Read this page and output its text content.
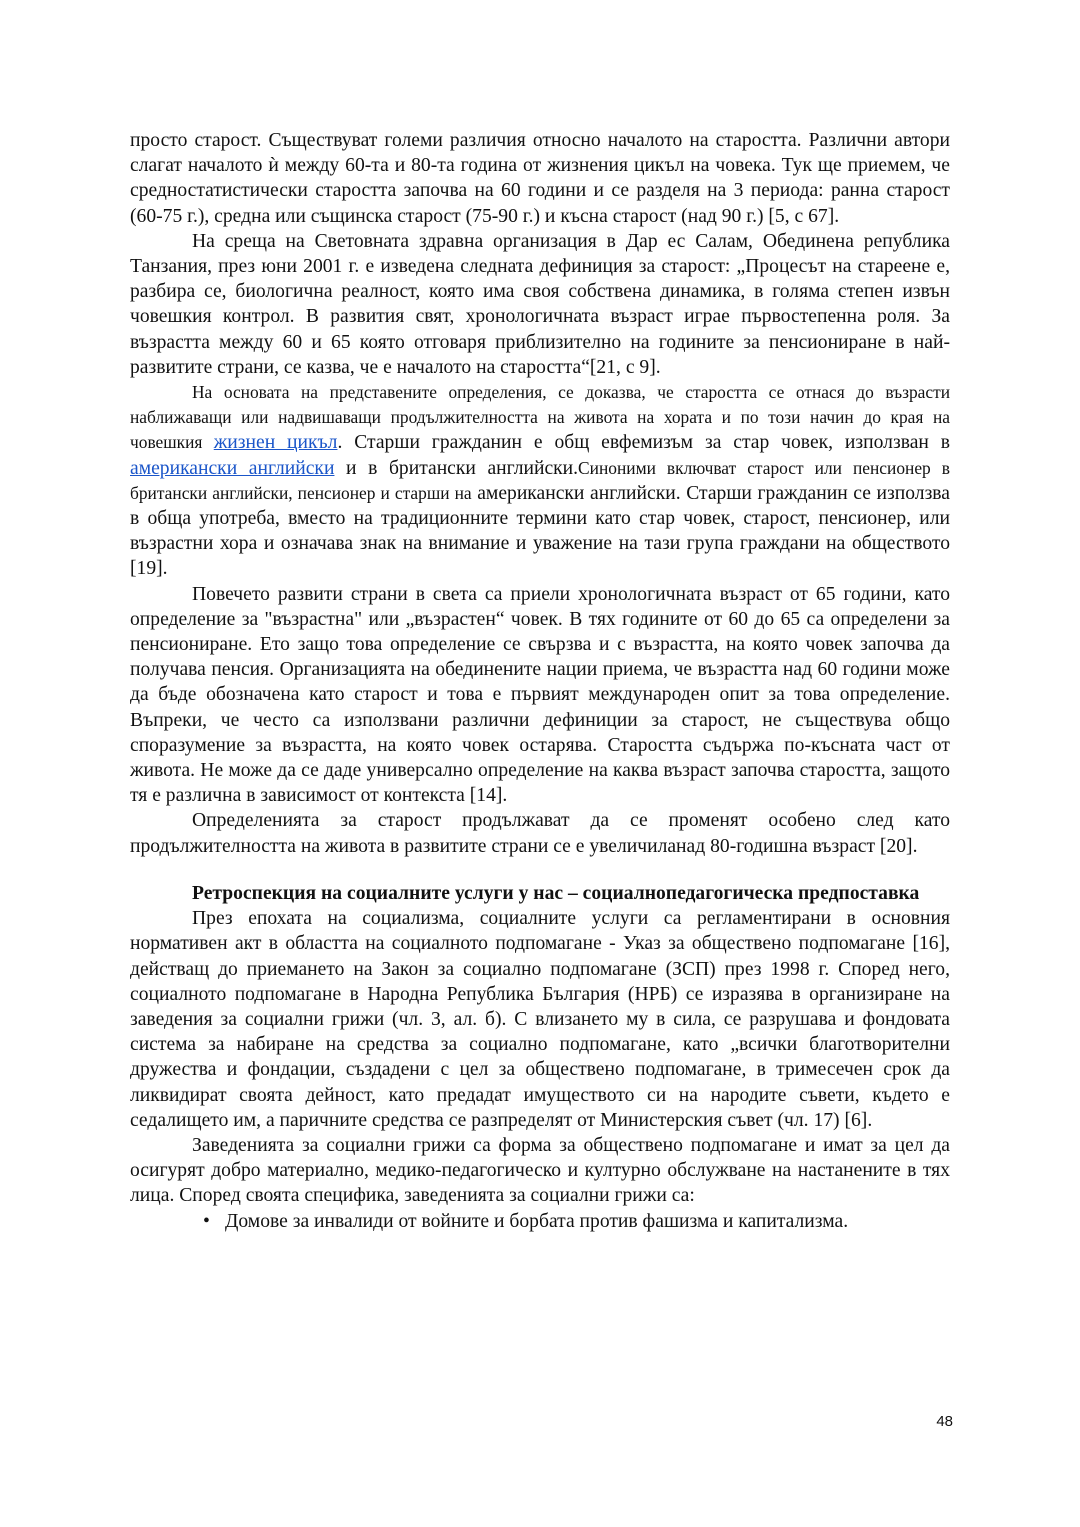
просто старост. Съществуват големи различия относно началото на старостта. Различни автори слагат началото ѝ между 60-та и 80-та година от жизнения цикъл на човека. Тук ще приемем, че средностатистически старостта започва на 60 години и се разделя на 3 периода: ранна старост (60-75 г.), средна или същинска старост (75-90 г.) и късна старост (над 90 г.) [5, с 67].

На среща на Световната здравна организация в Дар ес Салам, Обединена република Танзания, през юни 2001 г. е изведена следната дефиниция за старост: „Процесът на стареене е, разбира се, биологична реалност, която има своя собствена динамика, в голяма степен извън човешкия контрол. В развития свят, хронологичната възраст играе първостепенна роля. За възрастта между 60 и 65 която отговаря приблизително на годините за пенсиониране в най-развитите страни, се казва, че е началото на старостта“[21, с 9].

На основата на представените определения, се доказва, че старостта се отнася до възрасти наближаващи или надвишаващи продължителността на живота на хората и по този начин до края на човешкия жизнен цикъл. Старши гражданин е общ евфемизъм за стар човек, използван в американски английски и в британски английски.Синоними включват старост или пенсионер в британски английски, пенсионер и старши на американски английски. Старши гражданин се използва в обща употреба, вместо на традиционните термини като стар човек, старост, пенсионер, или възрастни хора и означава знак на внимание и уважение на тази група граждани на обществото [19].

Повечето развити страни в света са приели хронологичната възраст от 65 години, като определение за "възрастна" или „възрастен“ човек. В тях годините от 60 до 65 са определени за пенсиониране. Ето защо това определение се свързва и с възрастта, на която човек започва да получава пенсия. Организацията на обединените нации приема, че възрастта над 60 години може да бъде обозначена като старост и това е първият международен опит за това определение. Въпреки, че често са използвани различни дефиниции за старост, не съществува общо споразумение за възрастта, на която човек остарява. Старостта съдържа по-късната част от живота. Не може да се даде универсално определение на каква възраст започва старостта, защото тя е различна в зависимост от контекста [14].

Определенията за старост продължават да се променят особено след като продължителността на живота в развитите страни се е увеличиланад 80-годишна възраст [20].

Ретроспекция на социалните услуги у нас – социалнопедагогическа предпоставка

През епохата на социализма, социалните услуги са регламентирани в основния нормативен акт в областта на социалното подпомагане - Указ за обществено подпомагане [16], действащ до приемането на Закон за социално подпомагане (ЗСП) през 1998 г. Според него, социалното подпомагане в Народна Република България (НРБ) се изразява в организиране на заведения за социални грижи (чл. 3, ал. б). С влизането му в сила, се разрушава и фондовата система за набиране на средства за социално подпомагане, като „всички благотворителни дружества и фондации, създадени с цел за обществено подпомагане, в тримесечен срок да ликвидират своята дейност, като предадат имуществото си на народите съвети, където е седалището им, а паричните средства се разпределят от Министерския съвет (чл. 17) [6].

Заведенията за социални грижи са форма за обществено подпомагане и имат за цел да осигурят добро материално, медико-педагогическо и културно обслужване на настанените в тях лица. Според своята специфика, заведенията за социални грижи са:

• Домове за инвалиди от войните и борбата против фашизма и капитализма.
48
